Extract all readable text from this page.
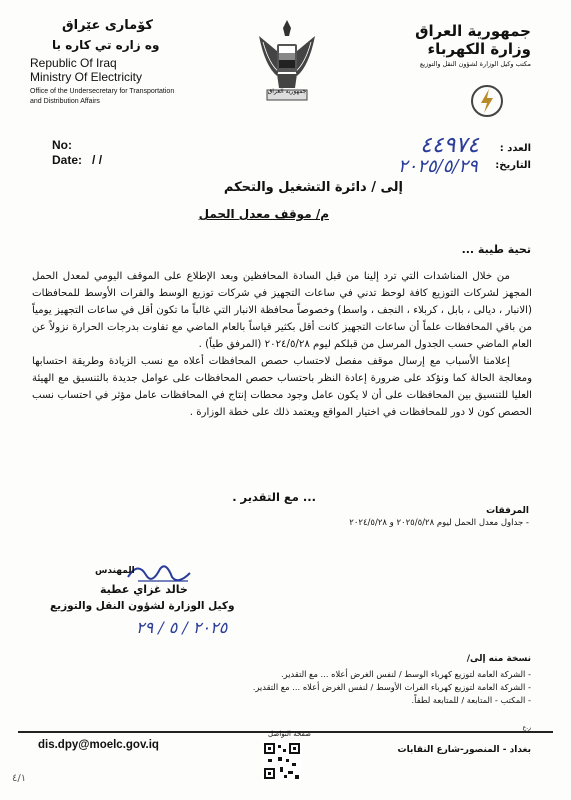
كۆمارى عێراق
وه زاره تي كاره با
Republic Of Iraq
Ministry Of Electricity
Office of the Undersecretary for Transportation and Distribution Affairs
جمهورية العراق
جمهورية العراق
وزارة الكهرباء
مكتب وكيل الوزارة لشؤون النقل والتوزيع
No:
Date: / /
العدد :
التاريخ:
٤٤٩٧٤
٢٠٢٥/٥/٢٩
إلى / دائرة التشغيل والتحكم
م/ موقف معدل الحمل
تحية طيبة ...

من خلال المناشدات التي ترد إلينا من قبل السادة المحافظين وبعد الإطلاع على الموقف اليومي لمعدل الحمل المجهز لشركات التوزيع كافة لوحظ تدني في ساعات التجهيز في شركات توزيع الوسط والفرات الأوسط للمحافظات (الانبار ، ديالى ، بابل ، كربلاء ، النجف ، واسط) وخصوصاً محافظة الانبار التي غالباً ما تكون أقل في ساعات التجهيز يومياً من باقي المحافظات علماً أن ساعات التجهيز كانت أقل بكثير قياساً بالعام الماضي مع تفاوت بدرجات الحرارة نزولاً عن العام الماضي حسب الجدول المرسل من قبلكم ليوم ٢٠٢٤/٥/٢٨ (المرفق طياً) .

إعلامنا الأسباب مع إرسال موقف مفصل لاحتساب حصص المحافظات أعلاه مع نسب الزيادة وطريقة احتسابها ومعالجة الحالة كما ونؤكد على ضرورة إعادة النظر باحتساب حصص المحافظات على عوامل جديدة بالتنسيق مع الهيئة العليا للتنسيق بين المحافظات على أن لا يكون عامل وجود محطات إنتاج في المحافظات عامل مؤثر في احتساب نسب الحصص كون لا دور للمحافظات في اختيار المواقع ويعتمد ذلك على خطة الوزارة .

... مع التقدير .
المرفقات
- جداول معدل الحمل ليوم ٢٠٢٥/٥/٢٨ و ٢٠٢٤/٥/٢٨
المهندس
خالد غزاي عطية
وكيل الوزارة لشؤون النقل والتوزيع
٢٠٢٥ / ٥ / ٢٩
نسخة منه إلى/
- الشركة العامة لتوزيع كهرباء الوسط / لنفس الغرض أعلاه ... مع التقدير.
- الشركة العامة لتوزيع كهرباء الفرات الأوسط / لنفس الغرض أعلاه ... مع التقدير.
- المكتب - المتابعة / للمتابعة لطفاً.
ر.ع
dis.dpy@moelc.gov.iq
صفحة التواصل
بغداد - المنصور-شارع النقابات
٤/١
